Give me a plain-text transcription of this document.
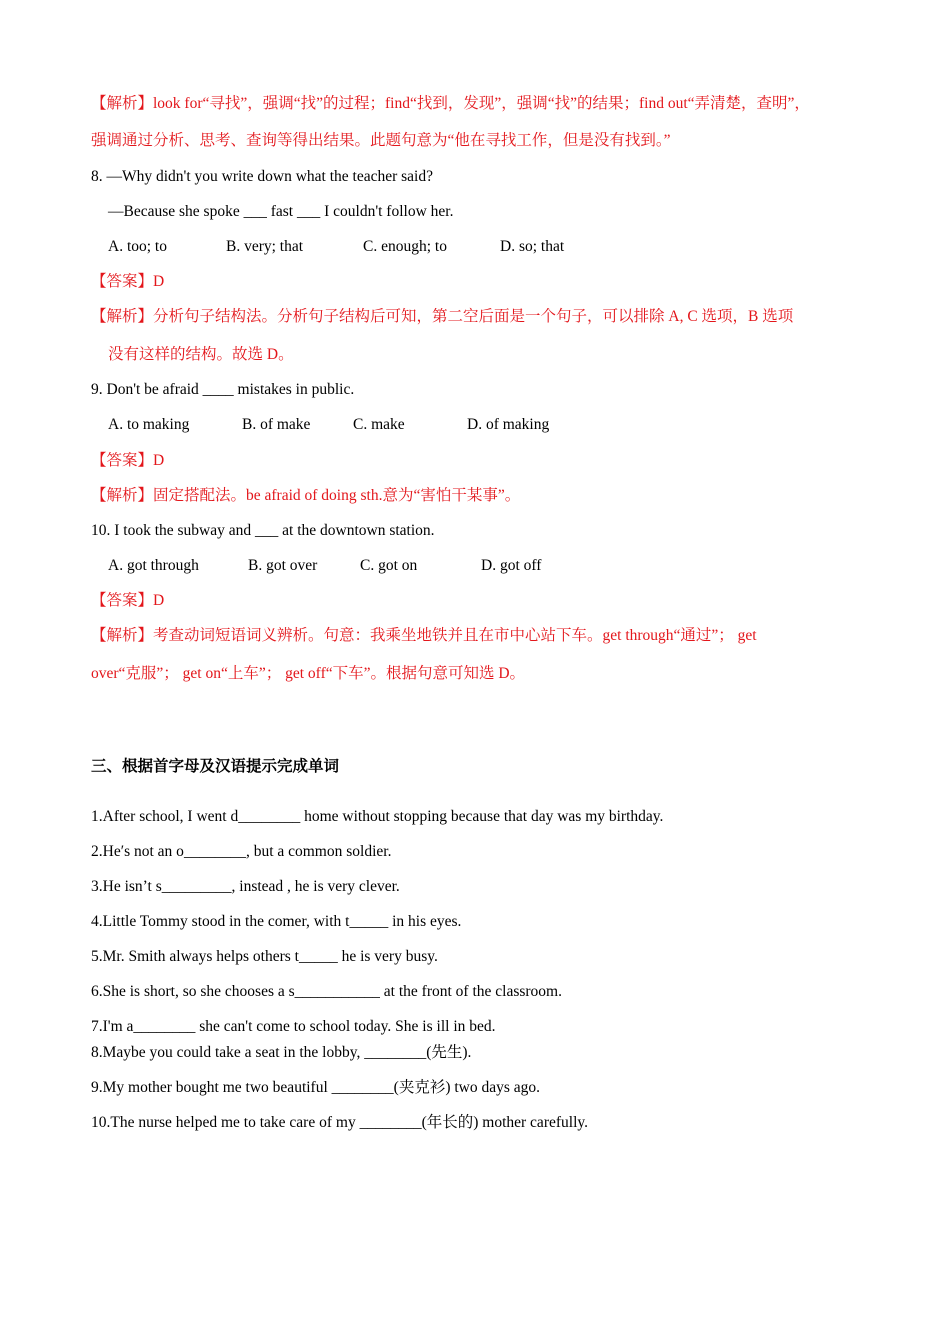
【解析】look for“寻找”，强调“找”的过程；find“找到，发现”，强调“找”的结果；find out“弄清楚，查明”，
强调通过分析、思考、查询等得出结果。此题句意为“他在寻找工作，但是没有找到。”
8. —Why didn't you write down what the teacher said?
—Because she spoke ___ fast ___ I couldn't follow her.
A. too; to	B. very; that	C. enough; to	D. so; that
【答案】D
【解析】分析句子结构法。分析句子结构后可知，第二空后面是一个句子，可以排除 A, C 选项，B 选项
没有这样的结构。故选 D。
9. Don't be afraid ____ mistakes in public.
A. to making	B. of make	C. make	D. of making
【答案】D
【解析】固定搭配法。be afraid of doing sth.意为“害怕干某事”。
10. I took the subway and ___ at the downtown station.
A. got through	B. got over	C. got on	D. got off
【答案】D
【解析】考查动词短语词义辨析。句意：我乘坐地铁并且在市中心站下车。get through“通过”； get
over“克服”； get on“上车”； get off“下车”。根据句意可知选 D。
三、根据首字母及汉语提示完成单词
1.After school, I went d________ home without stopping because that day was my birthday.
2.He′s not an o________, but a common soldier.
3.He isn’t s_________, instead , he is very clever.
4.Little Tommy stood in the comer, with t_____ in his eyes.
5.Mr. Smith always helps others t_____ he is very busy.
6.She is short, so she chooses a s___________ at the front of the classroom.
7.I'm a________ she can't come to school today. She is ill in bed.
8.Maybe you could take a seat in the lobby, ________(先生).
9.My mother bought me two beautiful ________(夹克衫) two days ago.
10.The nurse helped me to take care of my ________(年长的) mother carefully.
